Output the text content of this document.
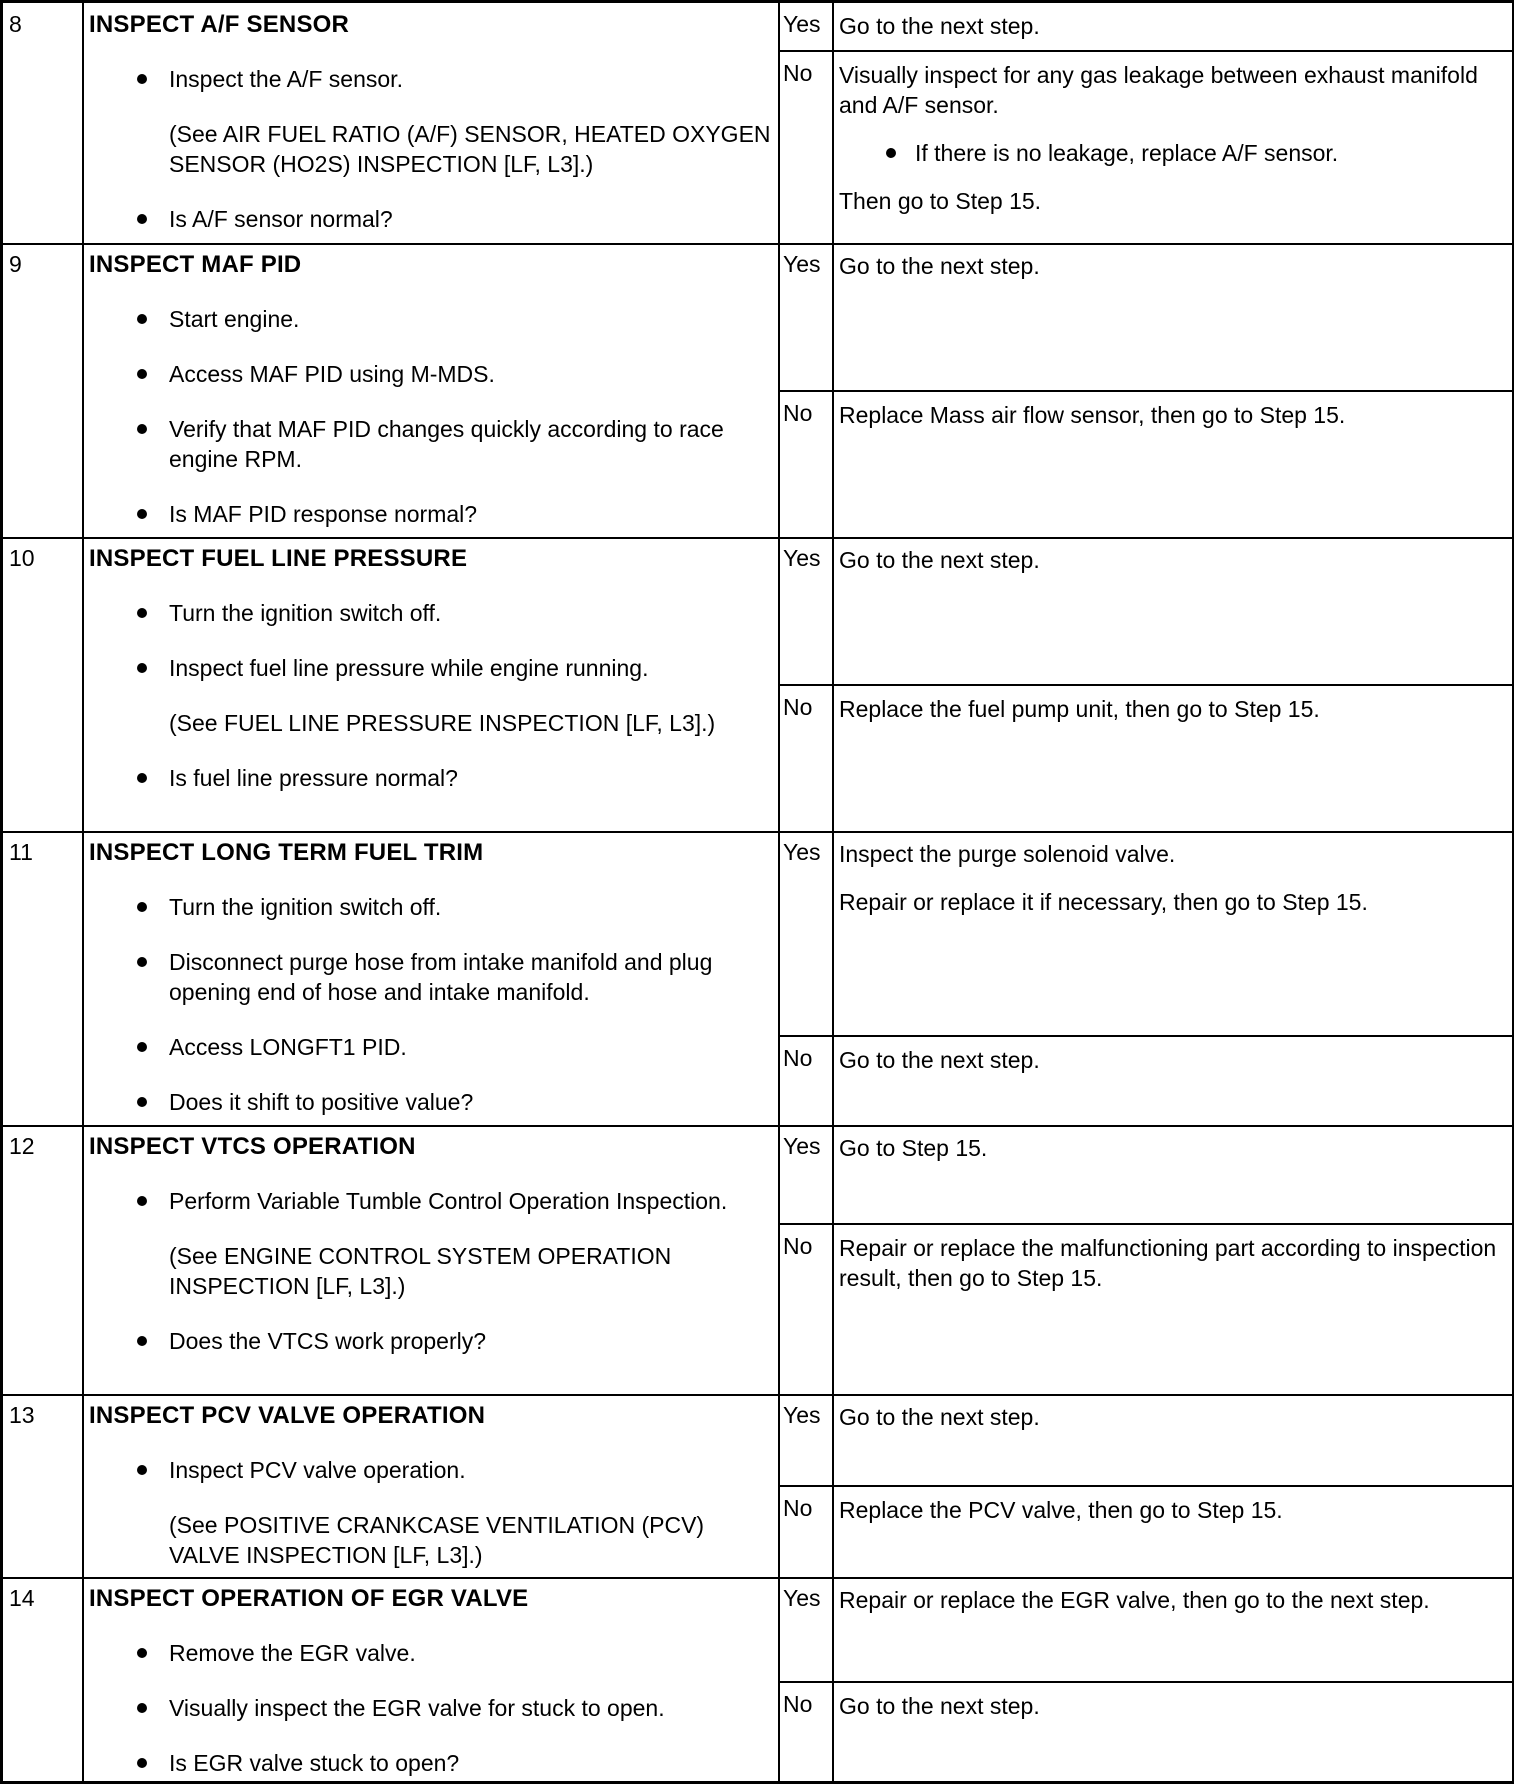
8	INSPECT A/F SENSOR
Inspect the A/F sensor.
(See AIR FUEL RATIO (A/F) SENSOR, HEATED OXYGEN SENSOR (HO2S) INSPECTION [LF, L3].)
Is A/F sensor normal?
Yes Go to the next step.
No	Visually inspect for any gas leakage between exhaust manifold and A/F sensor.
If there is no leakage, replace A/F sensor.
Then go to Step 15.
9	INSPECT MAF PID
Start engine.
Access MAF PID using M-MDS.
Verify that MAF PID changes quickly according to race engine RPM.
Is MAF PID response normal?
Yes Go to the next step.
No	Replace Mass air flow sensor, then go to Step 15.
10	INSPECT FUEL LINE PRESSURE
Turn the ignition switch off.
Inspect fuel line pressure while engine running.
(See FUEL LINE PRESSURE INSPECTION [LF, L3].)
Is fuel line pressure normal?
Yes Go to the next step.
No	Replace the fuel pump unit, then go to Step 15.
11	INSPECT LONG TERM FUEL TRIM
Turn the ignition switch off.
Disconnect purge hose from intake manifold and plug opening end of hose and intake manifold.
Access LONGFT1 PID.
Does it shift to positive value?
Yes Inspect the purge solenoid valve.
Repair or replace it if necessary, then go to Step 15.
No	Go to the next step.
12	INSPECT VTCS OPERATION
Perform Variable Tumble Control Operation Inspection.
(See ENGINE CONTROL SYSTEM OPERATION INSPECTION [LF, L3].)
Does the VTCS work properly?
Yes Go to Step 15.
No	Repair or replace the malfunctioning part according to inspection result, then go to Step 15.
13	INSPECT PCV VALVE OPERATION
Inspect PCV valve operation.
(See POSITIVE CRANKCASE VENTILATION (PCV) VALVE INSPECTION [LF, L3].)
Yes Go to the next step.
No	Replace the PCV valve, then go to Step 15.
14	INSPECT OPERATION OF EGR VALVE
Remove the EGR valve.
Visually inspect the EGR valve for stuck to open.
Is EGR valve stuck to open?
Yes Repair or replace the EGR valve, then go to the next step.
No	Go to the next step.
